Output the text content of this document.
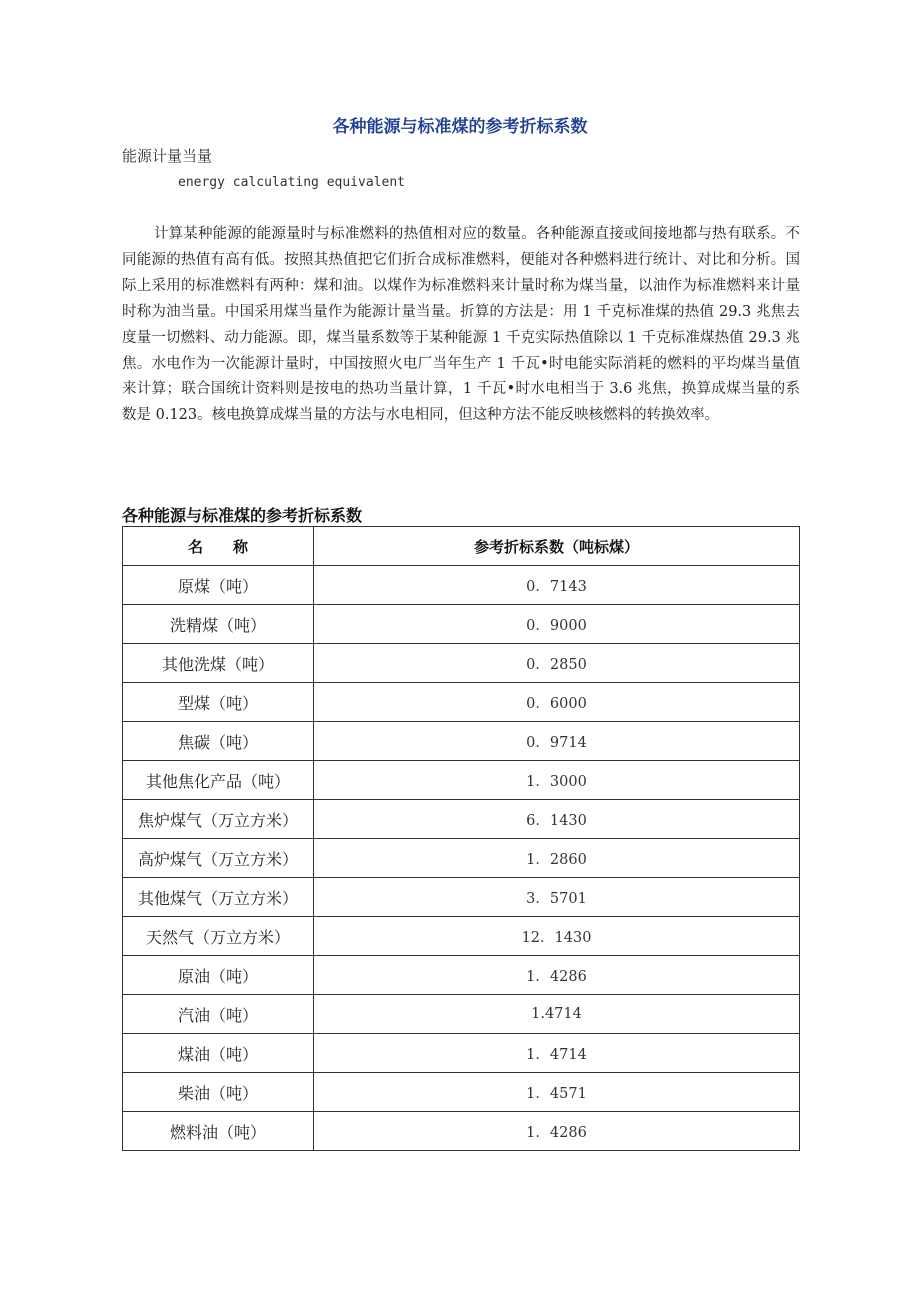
各种能源与标准煤的参考折标系数
能源计量当量
energy calculating equivalent
计算某种能源的能源量时与标准燃料的热值相对应的数量。各种能源直接或间接地都与热有联系。不同能源的热值有高有低。按照其热值把它们折合成标准燃料，便能对各种燃料进行统计、对比和分析。国际上采用的标准燃料有两种：煤和油。以煤作为标准燃料来计量时称为煤当量，以油作为标准燃料来计量时称为油当量。中国采用煤当量作为能源计量当量。折算的方法是：用 1 千克标准煤的热值 29.3 兆焦去度量一切燃料、动力能源。即，煤当量系数等于某种能源 1 千克实际热值除以 1 千克标准煤热值 29.3 兆焦。水电作为一次能源计量时，中国按照火电厂当年生产 1 千瓦•时电能实际消耗的燃料的平均煤当量值来计算；联合国统计资料则是按电的热功当量计算，1 千瓦•时水电相当于 3.6 兆焦，换算成煤当量的系数是 0.123。核电换算成煤当量的方法与水电相同，但这种方法不能反映核燃料的转换效率。
各种能源与标准煤的参考折标系数
名　　称	参考折标系数（吨标煤）
原煤（吨）	0．7143
洗精煤（吨）	0．9000
其他洗煤（吨）	0．2850
型煤（吨）	0．6000
焦碳（吨）	0．9714
其他焦化产品（吨）	1．3000
焦炉煤气（万立方米）	6．1430
高炉煤气（万立方米）	1．2860
其他煤气（万立方米）	3．5701
天然气（万立方米）	12．1430
原油（吨）	1．4286
汽油（吨）	1.4714
煤油（吨）	1．4714
柴油（吨）	1．4571
燃料油（吨）	1．4286
